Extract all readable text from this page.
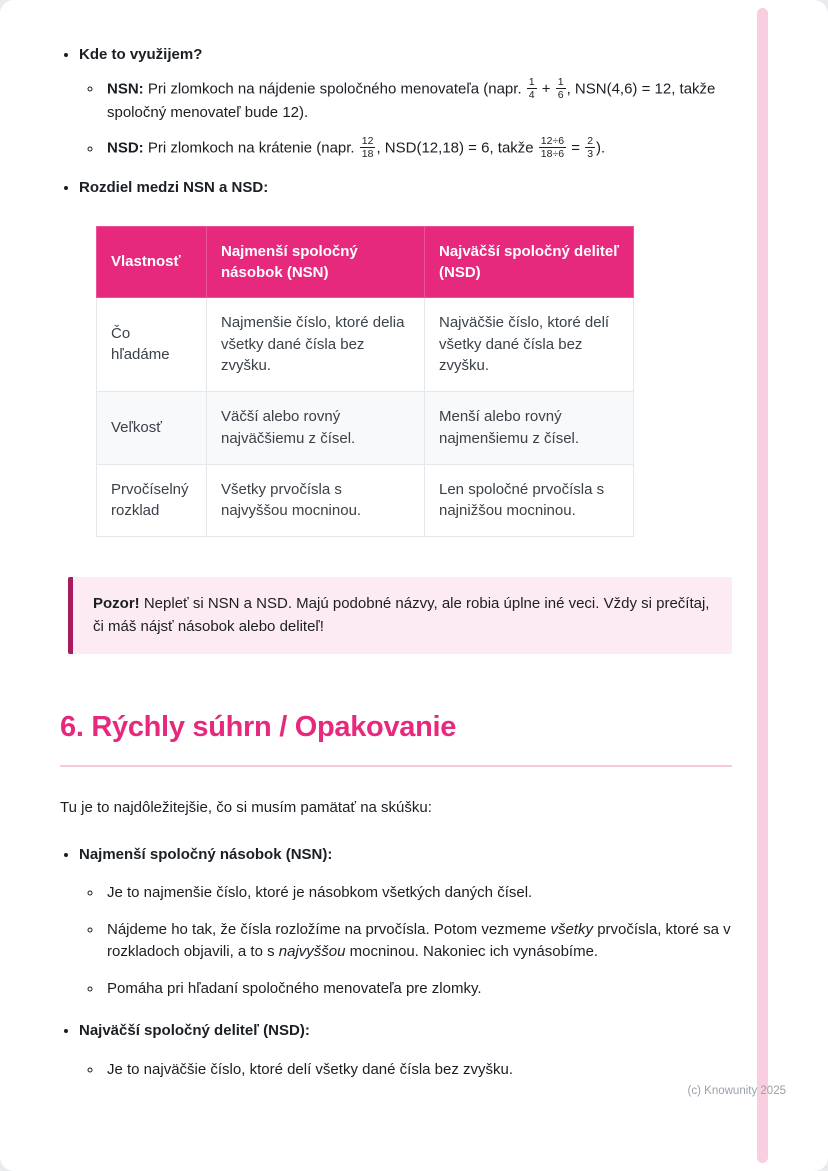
• Kde to využijem?
◦ NSN: Pri zlomkoch na nájdenie spoločného menovateľa (napr. $\frac{1}{4} + \frac{1}{6}$ , NSN(4,6) = 12, takže spoločný menovateľ bude 12).
◦ NSD: Pri zlomkoch na krátenie (napr. $\frac{12}{18}$ , NSD(12,18) = 6, takže $\frac{12\div 6}{18\div 6} = \frac{2}{3}$ ).
• Rozdiel medzi NSN a NSD:
Vlastnosť	Najmenší spoločný násobok (NSN)	Najväčší spoločný deliteľ (NSD)
Čo hľadáme	Najmenšie číslo, ktoré delia všetky dané čísla bez zvyšku.	Najväčšie číslo, ktoré delí všetky dané čísla bez zvyšku.
Veľkosť	Väčší alebo rovný najväčšiemu z čísel.	Menší alebo rovný najmenšiemu z čísel.
Prvočíselný rozklad	Všetky prvočísla s najvyššou mocninou.	Len spoločné prvočísla s najnižšou mocninou.
Pozor! Nepleť si NSN a NSD. Majú podobné názvy, ale robia úplne iné veci. Vždy si prečítaj, či máš nájsť násobok alebo deliteľ!
6. Rýchly súhrn / Opakovanie

Tu je to najdôležitejšie, čo si musím pamätať na skúšku:

• Najmenší spoločný násobok (NSN):
◦ Je to najmenšie číslo, ktoré je násobkom všetkých daných čísel.
◦ Nájdeme ho tak, že čísla rozložíme na prvočísla. Potom vezmeme všetky prvočísla, ktoré sa v rozkladoch objavili, a to s najvyššou mocninou. Nakoniec ich vynásobíme.
◦ Pomáha pri hľadaní spoločného menovateľa pre zlomky.
• Najväčší spoločný deliteľ (NSD):
◦ Je to najväčšie číslo, ktoré delí všetky dané čísla bez zvyšku.
(c) Knowunity 2025
